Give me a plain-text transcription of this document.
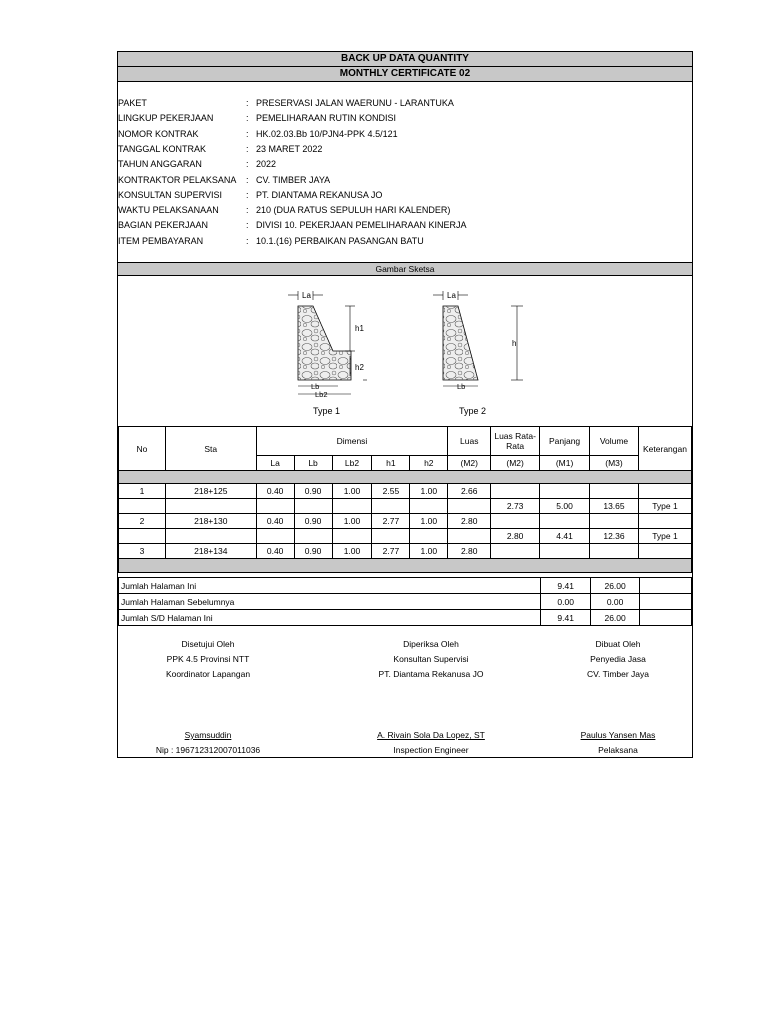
BACK UP DATA QUANTITY
MONTHLY CERTIFICATE 02
PAKET	: PRESERVASI JALAN WAERUNU - LARANTUKA
LINGKUP PEKERJAAN	: PEMELIHARAAN RUTIN KONDISI
NOMOR KONTRAK	: HK.02.03.Bb 10/PJN4-PPK 4.5/121
TANGGAL KONTRAK	: 23 MARET 2022
TAHUN ANGGARAN	: 2022
KONTRAKTOR PELAKSANA	: CV. TIMBER JAYA
KONSULTAN SUPERVISI	: PT. DIANTAMA REKANUSA JO
WAKTU PELAKSANAAN	: 210 (DUA RATUS SEPULUH HARI KALENDER)
BAGIAN PEKERJAAN	: DIVISI 10. PEKERJAAN PEMELIHARAAN KINERJA
ITEM PEMBAYARAN	: 10.1.(16) PERBAIKAN PASANGAN BATU
Gambar Sketsa
La
h1
h2
Lb
Lb2
Type 1
La
h
Lb
Type 2
No	Sta	Dimensi					Luas	Luas Rata-Rata	Panjang	Volume	Keterangan
		La	Lb	Lb2	h1	h2	(M2)	(M2)	(M1)	(M3)	

1	218+125	0.40	0.90	1.00	2.55	1.00	2.66				
								2.73	5.00	13.65	Type 1
2	218+130	0.40	0.90	1.00	2.77	1.00	2.80				
								2.80	4.41	12.36	Type 1
3	218+134	0.40	0.90	1.00	2.77	1.00	2.80				

Jumlah Halaman Ini	9.41	26.00	
Jumlah Halaman Sebelumnya	0.00	0.00	
Jumlah S/D Halaman Ini	9.41	26.00	
Disetujui Oleh
PPK 4.5 Provinsi NTT
Koordinator Lapangan
Syamsuddin
Nip : 196712312007011036
Diperiksa Oleh
Konsultan Supervisi
PT. Diantama Rekanusa JO
A. Rivain Sola Da Lopez, ST
Inspection Engineer
Dibuat Oleh
Penyedia Jasa
CV. Timber Jaya
Paulus Yansen Mas
Pelaksana
